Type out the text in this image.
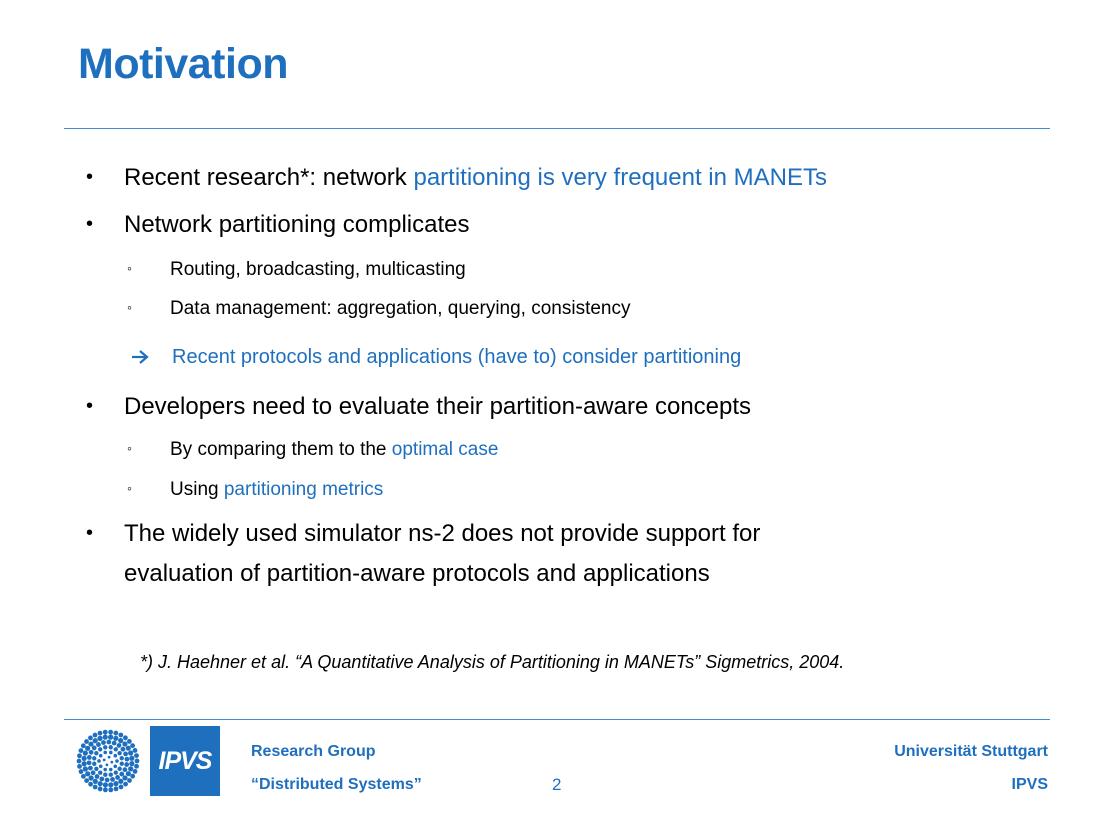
Motivation
• Recent research*: network partitioning is very frequent in MANETs
• Network partitioning complicates
◦ Routing, broadcasting, multicasting
◦ Data management: aggregation, querying, consistency
Recent protocols and applications (have to) consider partitioning
• Developers need to evaluate their partition-aware concepts
◦ By comparing them to the optimal case
◦ Using partitioning metrics
• The widely used simulator ns-2 does not provide support for
evaluation of partition-aware protocols and applications
*) J. Haehner et al. “A Quantitative Analysis of Partitioning in MANETs” Sigmetrics, 2004.
IPVS Research Group
“Distributed Systems”	2
Universität Stuttgart
IPVS
